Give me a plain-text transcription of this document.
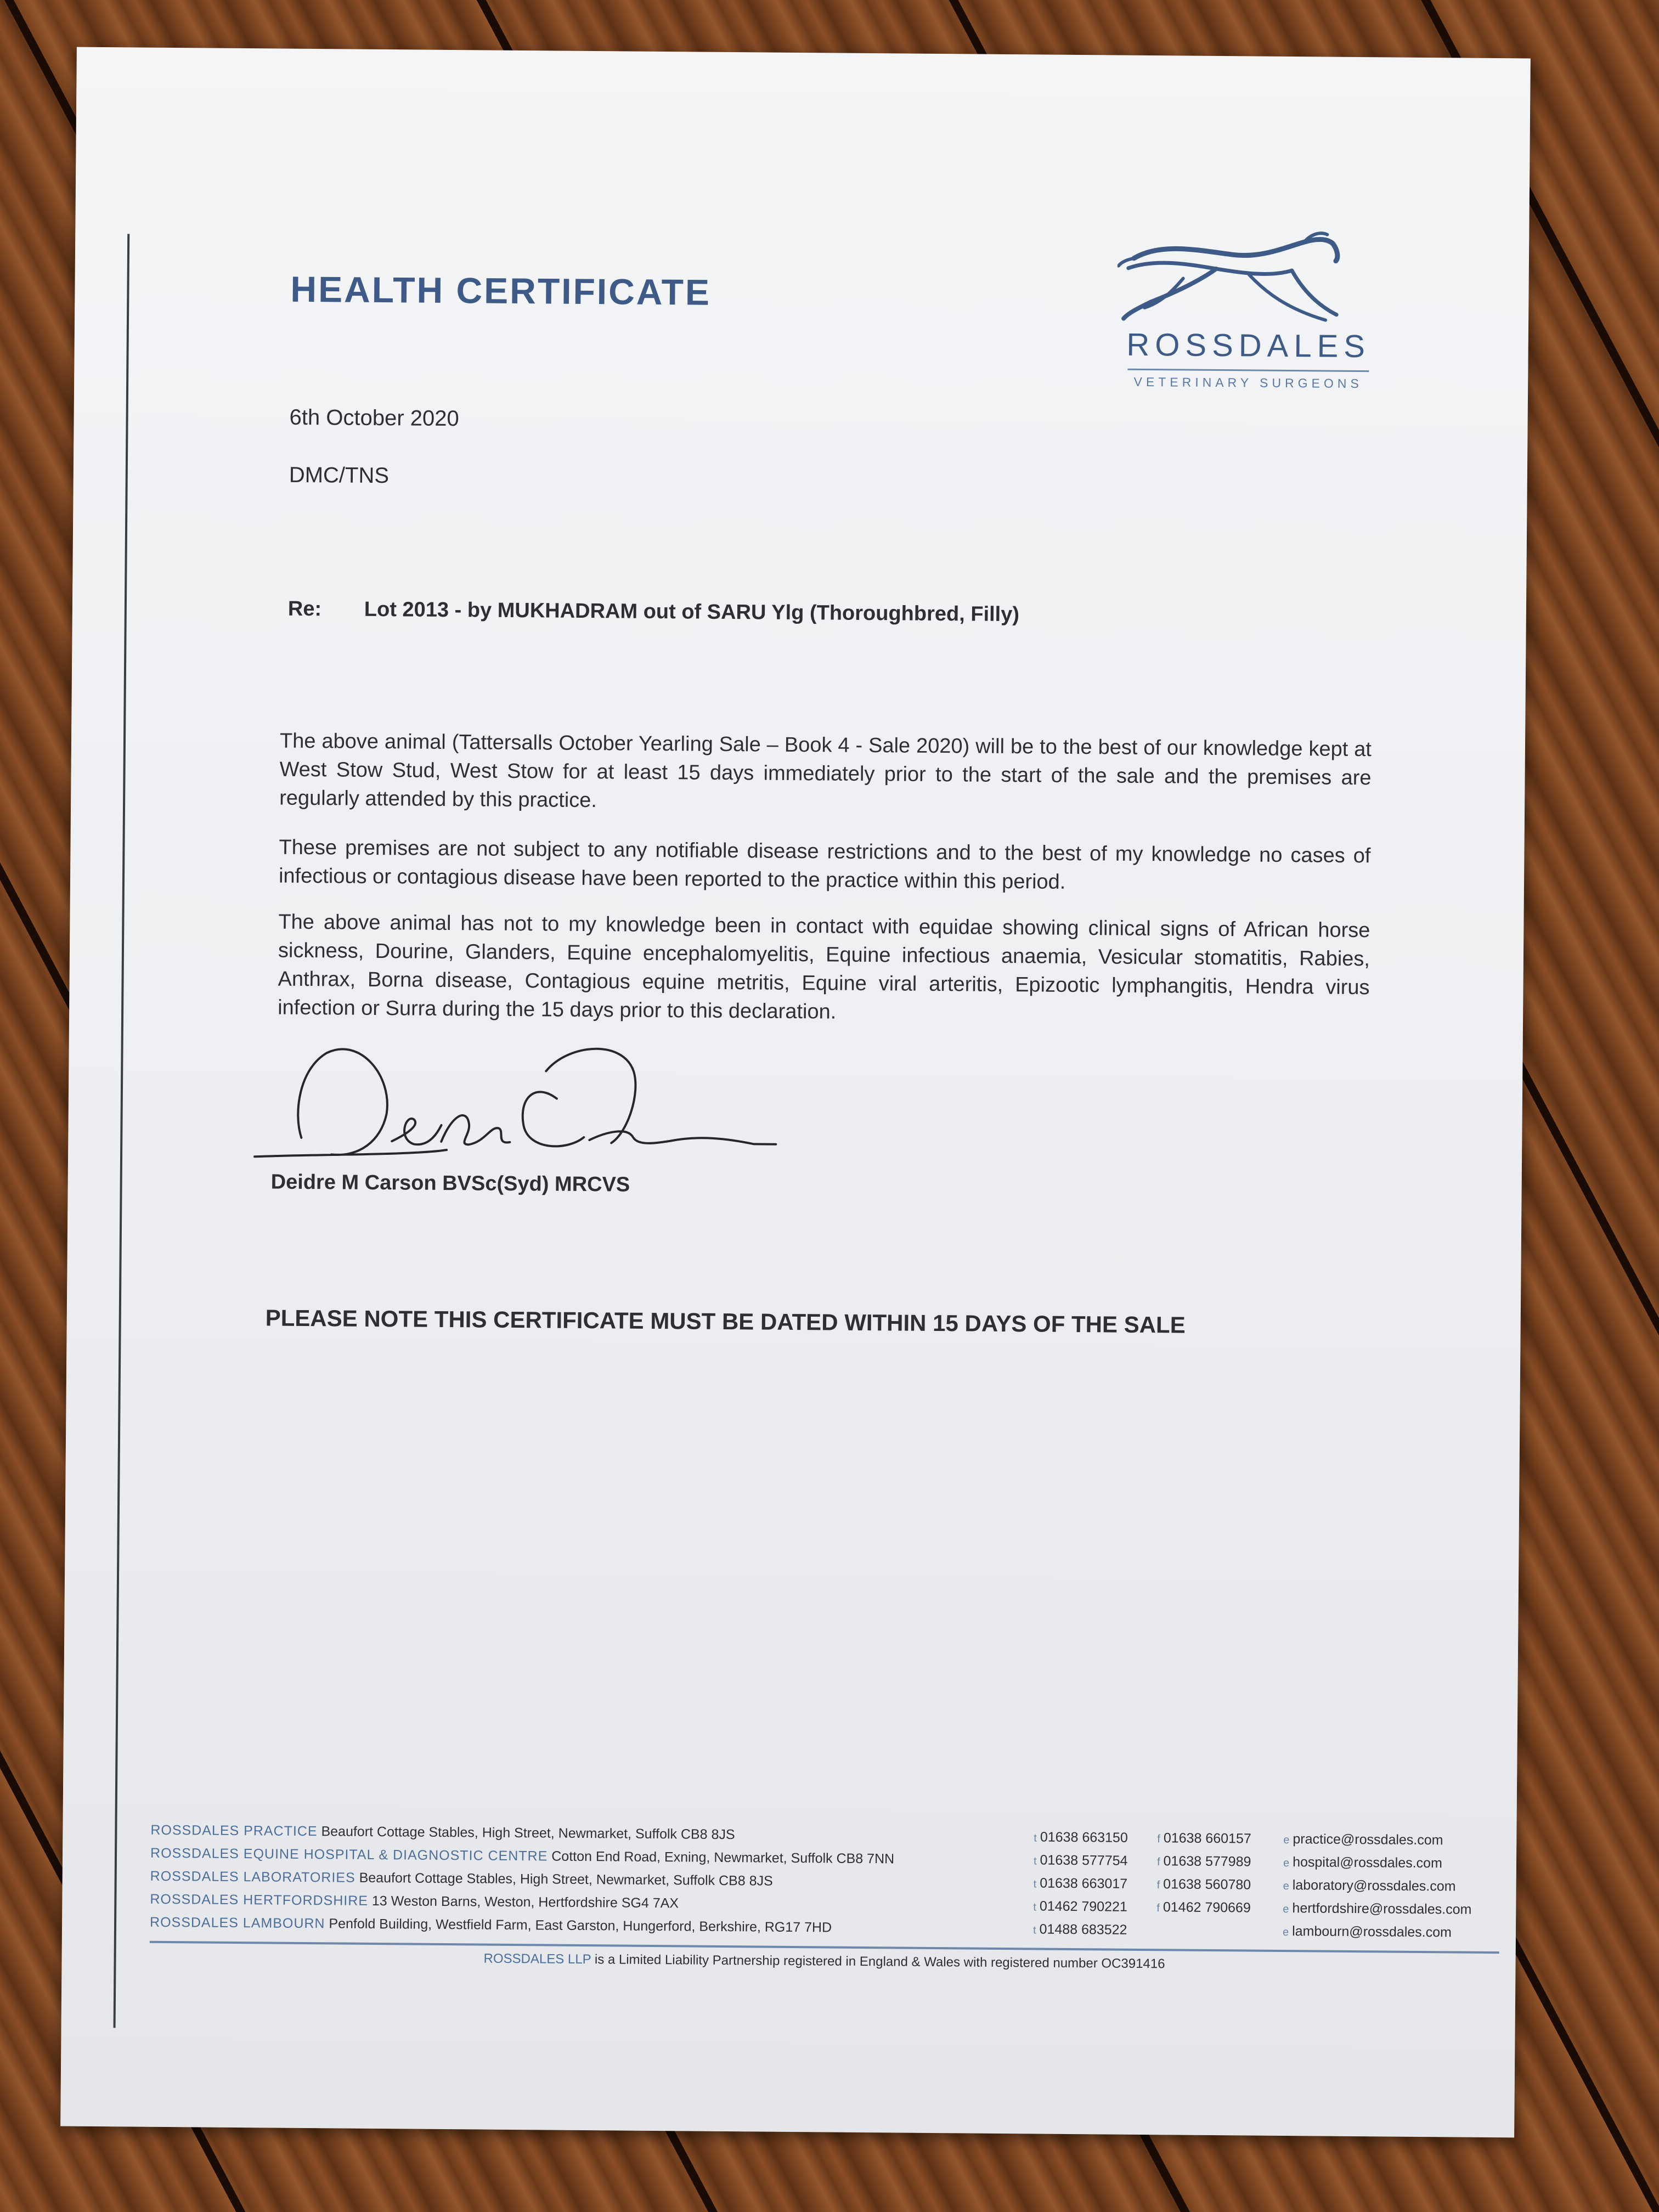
HEALTH CERTIFICATE
ROSSDALES
VETERINARY SURGEONS
6th October 2020
DMC/TNS
Re: Lot 2013 - by MUKHADRAM out of SARU Ylg (Thoroughbred, Filly)
The above animal (Tattersalls October Yearling Sale – Book 4 - Sale 2020) will be to the best of our knowledge kept at West Stow Stud, West Stow for at least 15 days immediately prior to the start of the sale and the premises are regularly attended by this practice.
These premises are not subject to any notifiable disease restrictions and to the best of my knowledge no cases of infectious or contagious disease have been reported to the practice within this period.
The above animal has not to my knowledge been in contact with equidae showing clinical signs of African horse sickness, Dourine, Glanders, Equine encephalomyelitis, Equine infectious anaemia, Vesicular stomatitis, Rabies, Anthrax, Borna disease, Contagious equine metritis, Equine viral arteritis, Epizootic lymphangitis, Hendra virus infection or Surra during the 15 days prior to this declaration.
Deidre M Carson BVSc(Syd) MRCVS
PLEASE NOTE THIS CERTIFICATE MUST BE DATED WITHIN 15 DAYS OF THE SALE
ROSSDALES PRACTICE Beaufort Cottage Stables, High Street, Newmarket, Suffolk CB8 8JS	t 01638 663150	f 01638 660157	e practice@rossdales.com
ROSSDALES EQUINE HOSPITAL & DIAGNOSTIC CENTRE Cotton End Road, Exning, Newmarket, Suffolk CB8 7NN	t 01638 577754	f 01638 577989	e hospital@rossdales.com
ROSSDALES LABORATORIES Beaufort Cottage Stables, High Street, Newmarket, Suffolk CB8 8JS	t 01638 663017	f 01638 560780	e laboratory@rossdales.com
ROSSDALES HERTFORDSHIRE 13 Weston Barns, Weston, Hertfordshire SG4 7AX	t 01462 790221	f 01462 790669	e hertfordshire@rossdales.com
ROSSDALES LAMBOURN Penfold Building, Westfield Farm, East Garston, Hungerford, Berkshire, RG17 7HD	t 01488 683522	e lambourn@rossdales.com
ROSSDALES LLP is a Limited Liability Partnership registered in England & Wales with registered number OC391416
